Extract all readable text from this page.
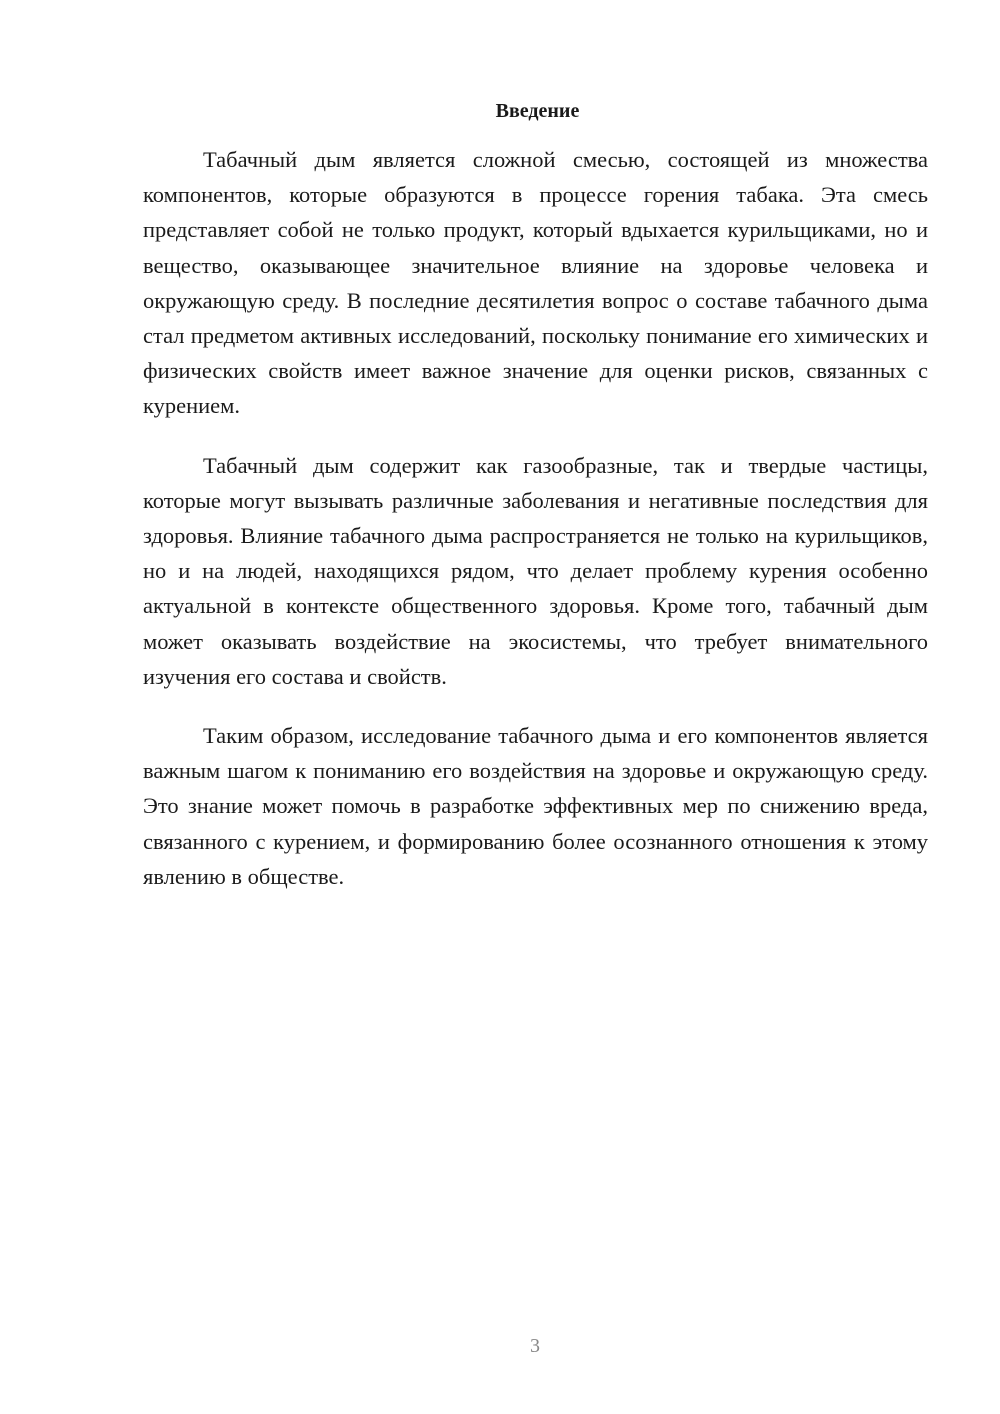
Введение

Табачный дым является сложной смесью, состоящей из множества компонентов, которые образуются в процессе горения табака. Эта смесь представляет собой не только продукт, который вдыхается курильщиками, но и вещество, оказывающее значительное влияние на здоровье человека и окружающую среду. В последние десятилетия вопрос о составе табачного дыма стал предметом активных исследований, поскольку понимание его химических и физических свойств имеет важное значение для оценки рисков, связанных с курением.

Табачный дым содержит как газообразные, так и твердые частицы, которые могут вызывать различные заболевания и негативные последствия для здоровья. Влияние табачного дыма распространяется не только на курильщиков, но и на людей, находящихся рядом, что делает проблему курения особенно актуальной в контексте общественного здоровья. Кроме того, табачный дым может оказывать воздействие на экосистемы, что требует внимательного изучения его состава и свойств.

Таким образом, исследование табачного дыма и его компонентов является важным шагом к пониманию его воздействия на здоровье и окружающую среду. Это знание может помочь в разработке эффективных мер по снижению вреда, связанного с курением, и формированию более осознанного отношения к этому явлению в обществе.

3
